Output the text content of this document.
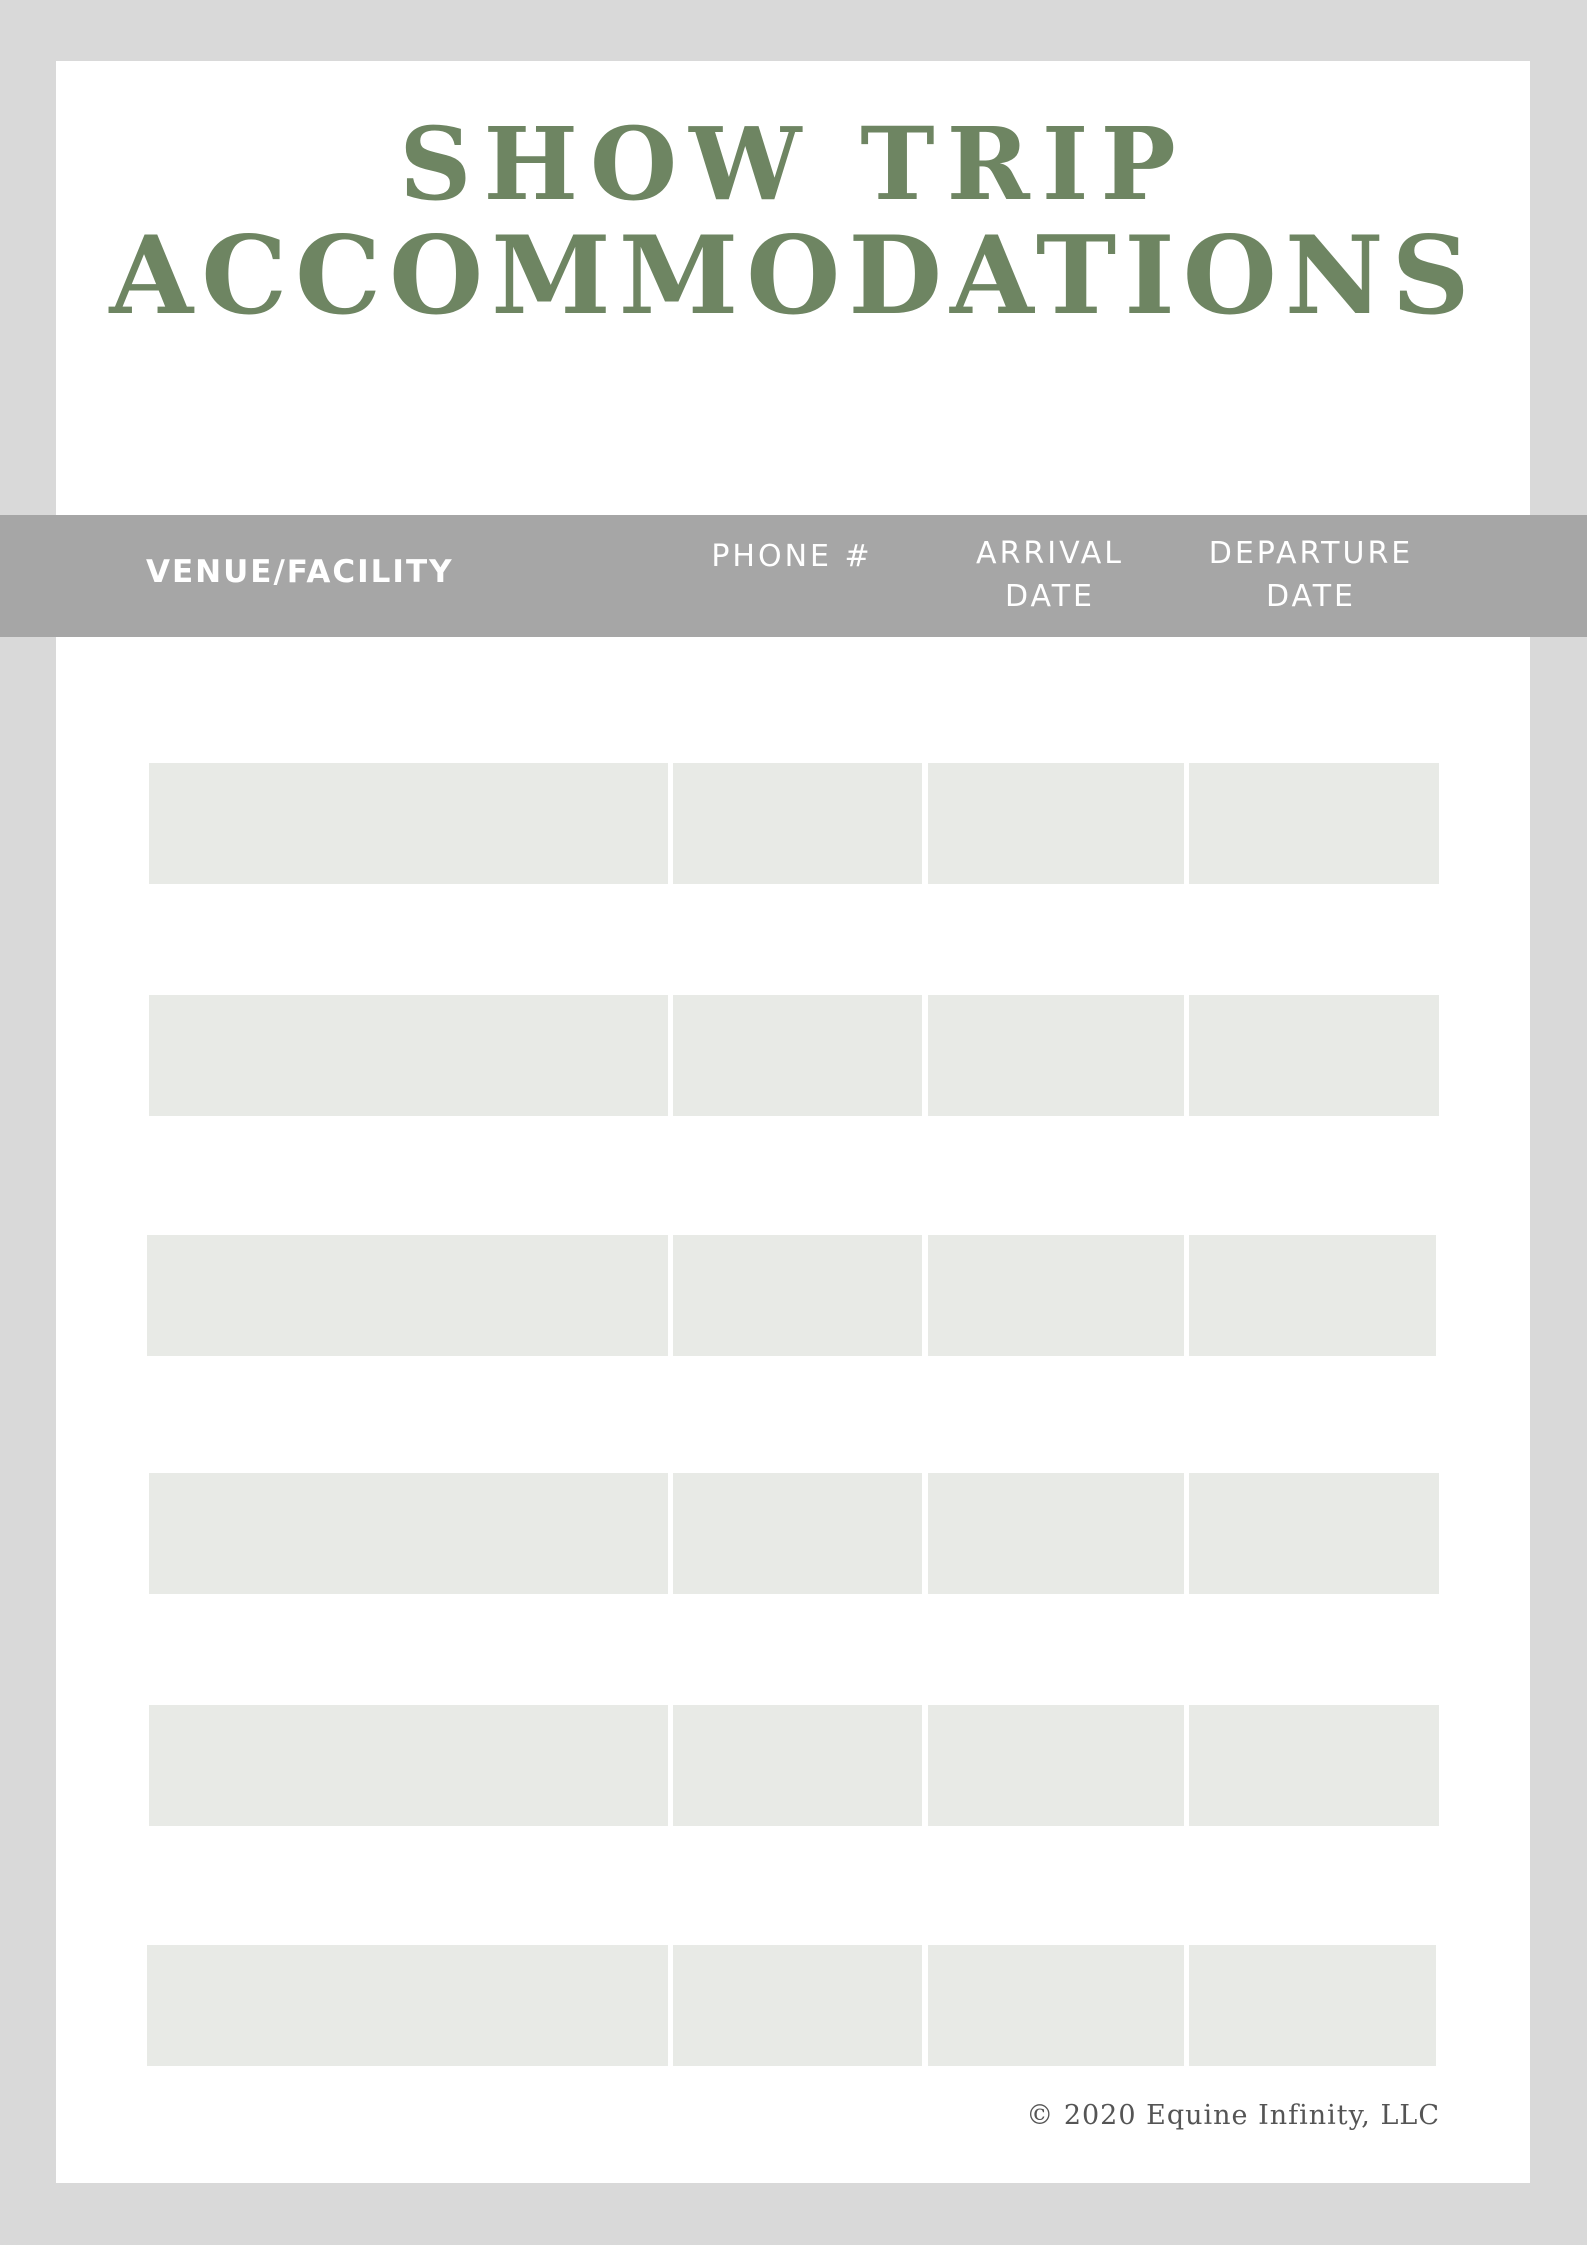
SHOW TRIP
ACCOMMODATIONS
VENUE/FACILITY	PHONE #	ARRIVAL
DATE
DEPARTURE
DATE
© 2020 Equine Infinity, LLC
